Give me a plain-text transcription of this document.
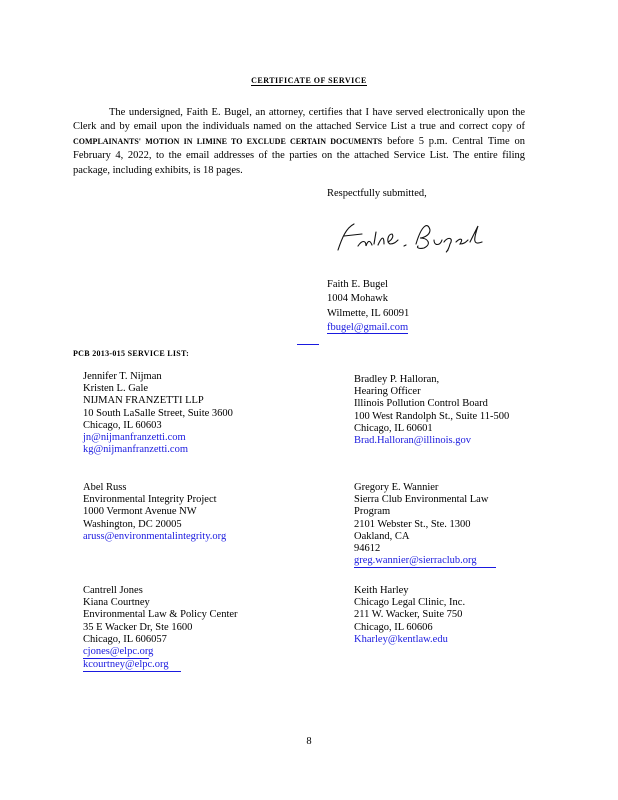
CERTIFICATE OF SERVICE
The undersigned, Faith E. Bugel, an attorney, certifies that I have served electronically upon the Clerk and by email upon the individuals named on the attached Service List a true and correct copy of COMPLAINANTS' MOTION IN LIMINE TO EXCLUDE CERTAIN DOCUMENTS before 5 p.m. Central Time on February 4, 2022, to the email addresses of the parties on the attached Service List. The entire filing package, including exhibits, is 18 pages.
Respectfully submitted,
Faith E. Bugel
1004 Mohawk
Wilmette, IL 60091
fbugel@gmail.com
PCB 2013-015 SERVICE LIST:
Jennifer T. Nijman
Kristen L. Gale
NIJMAN FRANZETTI LLP
10 South LaSalle Street, Suite 3600
Chicago, IL 60603
jn@nijmanfranzetti.com
kg@nijmanfranzetti.com
Bradley P. Halloran,
Hearing Officer
Illinois Pollution Control Board
100 West Randolph St., Suite 11-500
Chicago, IL 60601
Brad.Halloran@illinois.gov
Abel Russ
Environmental Integrity Project
1000 Vermont Avenue NW
Washington, DC 20005
aruss@environmentalintegrity.org
Gregory E. Wannier
Sierra Club Environmental Law
Program
2101 Webster St., Ste. 1300
Oakland, CA
94612
greg.wannier@sierraclub.org
Cantrell Jones
Kiana Courtney
Environmental Law & Policy Center
35 E Wacker Dr, Ste 1600
Chicago, IL 606057
cjones@elpc.org
kcourtney@elpc.org
Keith Harley
Chicago Legal Clinic, Inc.
211 W. Wacker, Suite 750
Chicago, IL 60606
Kharley@kentlaw.edu
8
